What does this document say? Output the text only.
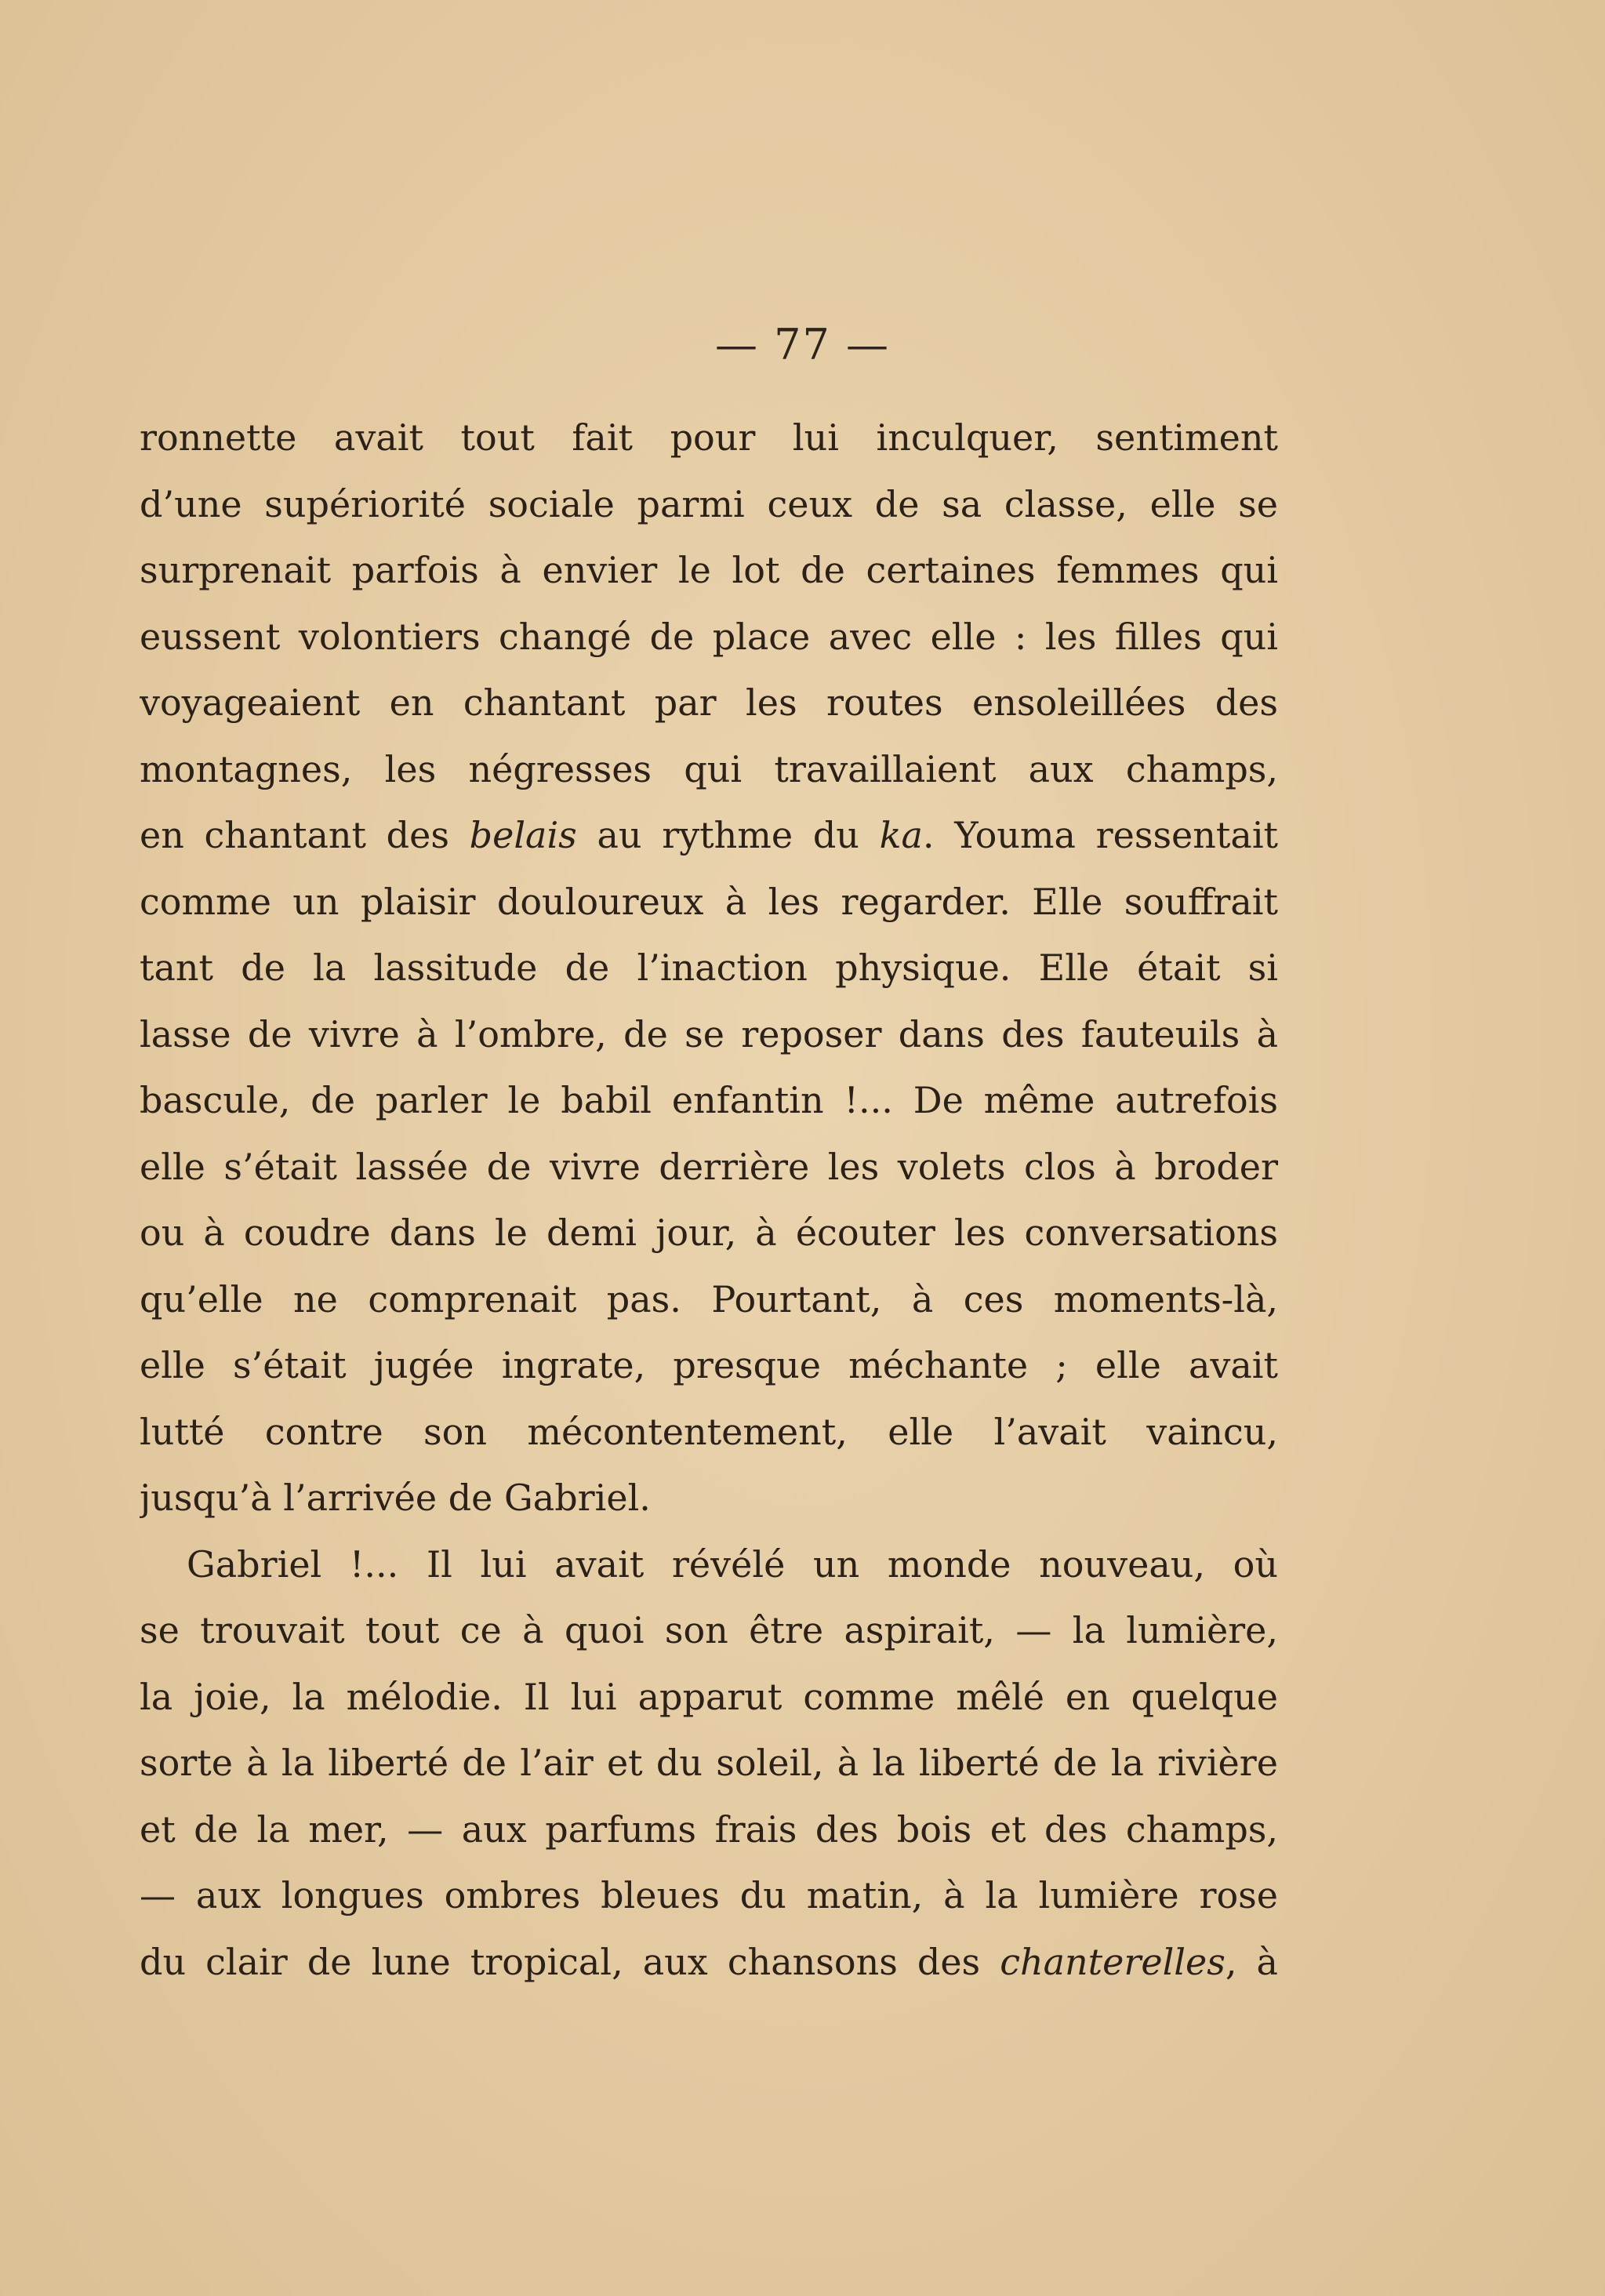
— 77 —
ronnette avait tout fait pour lui inculquer, sentiment
d’une supériorité sociale parmi ceux de sa classe, elle se
surprenait parfois à envier le lot de certaines femmes qui
eussent volontiers changé de place avec elle : les filles qui
voyageaient en chantant par les routes ensoleillées des
montagnes, les négresses qui travaillaient aux champs,
en chantant des belais au rythme du ka. Youma ressentait
comme un plaisir douloureux à les regarder. Elle souffrait
tant de la lassitude de l’inaction physique. Elle était si
lasse de vivre à l’ombre, de se reposer dans des fauteuils à
bascule, de parler le babil enfantin !... De même autrefois
elle s’était lassée de vivre derrière les volets clos à broder
ou à coudre dans le demi jour, à écouter les conversations
qu’elle ne comprenait pas. Pourtant, à ces moments-là,
elle s’était jugée ingrate, presque méchante ; elle avait
lutté contre son mécontentement, elle l’avait vaincu,
jusqu’à l’arrivée de Gabriel.
Gabriel !... Il lui avait révélé un monde nouveau, où
se trouvait tout ce à quoi son être aspirait, — la lumière,
la joie, la mélodie. Il lui apparut comme mêlé en quelque
sorte à la liberté de l’air et du soleil, à la liberté de la rivière
et de la mer, — aux parfums frais des bois et des champs,
— aux longues ombres bleues du matin, à la lumière rose
du clair de lune tropical, aux chansons des chanterelles, à
